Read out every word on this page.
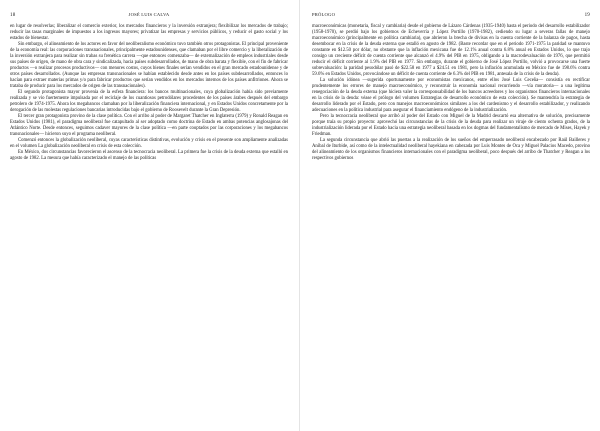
18	JOSÉ LUIS CALVA

en lugar de resolverlas; liberalizar el comercio exterior, los mercados financieros y la inversión extranjera; flexibilizar los mercados de trabajo; reducir las tasas marginales de impuestos a los ingresos mayores; privatizar las empresas y servicios públicos, y reducir el gasto social y los estados de bienestar.

Sin embargo, el alineamiento de los actores en favor del neoliberalismo económico tuvo también otros protagonistas. El principal proveniente de la economía real: las corporaciones transnacionales, principalmente estadounidenses, que clamaban por el libre comercio y la liberalización de la inversión extranjera para realizar sin trabas su frenética carrera —que entonces comenzaba— de externalización de empleos industriales desde sus países de origen, de mano de obra cara y sindicalizada, hacia países subdesarrollados, de mano de obra barata y flexible, con el fin de fabricar productos —o realizar procesos productivos— con menores costos, cuyos bienes finales serían vendidos en el gran mercado estadounidense y de otros países desarrollados. (Aunque las empresas transnacionales se habían establecido desde antes en los países subdesarrollados, entonces lo hacían para extraer materias primas y/o para fabricar productos que serían vendidos en los mercados internos de los países anfitriones. Ahora se trataba de producir para los mercados de origen de las transnacionales).

El segundo protagonista mayor provenía de la esfera financiera: los bancos multinacionales, cuya globalización había sido previamente realizada y se vio fuertemente impulsada por el reciclaje de los cuantiosos petrodólares procedentes de los países árabes después del embargo petrolero de 1974-1975. Ahora los megabancos clamaban por la liberalización financiera internacional, y en Estados Unidos concretamente por la derogación de las molestas regulaciones bancarias introducidas bajo el gobierno de Roosevelt durante la Gran Depresión.

El tercer gran protagonista provino de la clase política. Con el arribo al poder de Margaret Thatcher en Inglaterra (1979) y Ronald Reagan en Estados Unidos (1981), el paradigma neoliberal fue catapultado al ser adoptado como doctrina de Estado en ambas potencias anglosajonas del Atlántico Norte. Desde entonces, seguimos cadaver mayores de la clase política —en parte cooptados por las corporaciones y los megabancos transnacionales— hicieron suyo el programa neoliberal.

Comenzó entonces la globalización neoliberal, cuyas características distintivas, evolución y crisis en el presente son ampliamente analizadas en el volumen La globalización neoliberal en crisis de esta colección.

En México, dos circunstancias favorecieron el ascenso de la tecnocracia neoliberal. La primera fue la crisis de la deuda externa que estalló en agosto de 1982. La mesura que había caracterizado el manejo de las políticas

PRÓLOGO	19

macroeconómicas (monetaria, fiscal y cambiaria) desde el gobierno de Lázaro Cárdenas (1935-1940) hasta el periodo del desarrollo estabilizador (1958-1970), se perdió bajo los gobiernos de Echeverría y López Portillo (1970-1982), cediendo su lugar a severas fallas de manejo macroeconómico (principalmente en política cambiaria), que abrieron la brecha de divisas en la cuenta corriente de la balanza de pagos, hasta desembocar en la crisis de la deuda externa que estalló en agosto de 1982. (Baste recordar que en el periodo 1971-1975 la paridad se mantuvo constante en $12.50 por dólar, no obstante que la inflación mexicana fue de 12.1% anual contra 6.8% anual en Estados Unidos, lo que trajo consigo un creciente déficit de cuenta corriente que alcanzó el 4.9% del PIB en 1975, obligando a la macrodevaluación de 1976, que permitió reducir el déficit corriente al 1.9% del PIB en 1977. Sin embargo, durante el gobierno de José López Portillo, volvió a provocarse una fuerte sobrevaluación: la paridad pesodólar pasó de $22.58 en 1977 a $24.51 en 1981, pero la inflación acumulada en México fue de 198.6% contra 59.6% en Estados Unidos, provocándose un déficit de cuenta corriente de 6.3% del PIB en 1981, antesala de la crisis de la deuda).

La solución idónea —sugerida oportunamente por economistas mexicanos, entre ellos José Luis Ceceña— consistía en rectificar prudentemente los errores de manejo macroeconómico, y reconstruir la economía nacional recurriendo —vía moratoria— a una legítima renegociación de la deuda externa (que hiciera valer la corresponsabilidad de los bancos acreedores y los organismos financieros internacionales en la crisis de la deuda: véase el prólogo del volumen Estrategias de desarrollo económico de esta colección). Se mantendría la estrategia de desarrollo liderado por el Estado, pero con manejos macroeconómicos similares a los del cardenismo y el desarrollo estabilizador, y realizando adecuaciones en la política industrial para asegurar el financiamiento endógeno de la industrialización.

Pero la tecnocracia neoliberal que arribó al poder del Estado con Miguel de la Madrid descartó esa alternativa de solución, precisamente porque traía su propio proyecto: aprovechó las circunstancias de la crisis de la deuda para realizar un viraje de ciento ochenta grados, de la industrialización liderada por el Estado hacia una estrategia neoliberal basada en los dogmas del fundamentalismo de mercado de Mises, Hayek y Friedman.

La segunda circunstancia que abrió las puertas a la realización de los sueños del emperrasado neoliberal encabezado por Raúl Bailleres y Aníbal de Iturbide, así como de la intelectualidad neoliberal hayekiana en cabezada por Luis Montes de Oca y Miguel Palacios Macedo, provino del alineamiento de los organismos financieros internacionales con el paradigma neoliberal, poco después del arribo de Thatcher y Reagan a los respectivos gobiernos
